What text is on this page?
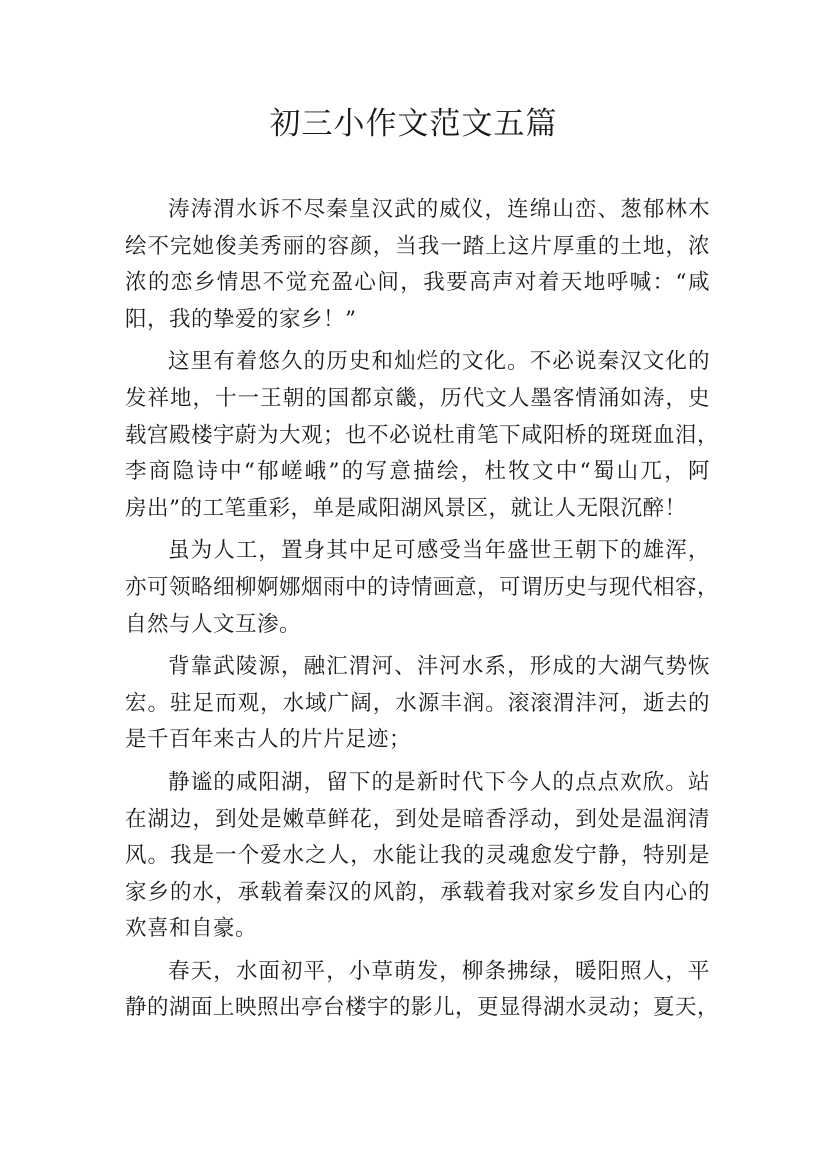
初三小作文范文五篇

涛涛渭水诉不尽秦皇汉武的威仪，连绵山峦、葱郁林木
绘不完她俊美秀丽的容颜，当我一踏上这片厚重的土地，浓
浓的恋乡情思不觉充盈心间，我要高声对着天地呼喊：“咸
阳，我的挚爱的家乡！”

这里有着悠久的历史和灿烂的文化。不必说秦汉文化的
发祥地，十一王朝的国都京畿，历代文人墨客情涌如涛，史
载宫殿楼宇蔚为大观；也不必说杜甫笔下咸阳桥的斑斑血泪，
李商隐诗中“郁嵯峨”的写意描绘，杜牧文中“蜀山兀，阿
房出”的工笔重彩，单是咸阳湖风景区，就让人无限沉醉！

虽为人工，置身其中足可感受当年盛世王朝下的雄浑，
亦可领略细柳婀娜烟雨中的诗情画意，可谓历史与现代相容，
自然与人文互渗。

背靠武陵源，融汇渭河、沣河水系，形成的大湖气势恢
宏。驻足而观，水域广阔，水源丰润。滚滚渭沣河，逝去的
是千百年来古人的片片足迹；

静谧的咸阳湖，留下的是新时代下今人的点点欢欣。站
在湖边，到处是嫩草鲜花，到处是暗香浮动，到处是温润清
风。我是一个爱水之人，水能让我的灵魂愈发宁静，特别是
家乡的水，承载着秦汉的风韵，承载着我对家乡发自内心的
欢喜和自豪。

春天，水面初平，小草萌发，柳条拂绿，暖阳照人，平
静的湖面上映照出亭台楼宇的影儿，更显得湖水灵动；夏天，
